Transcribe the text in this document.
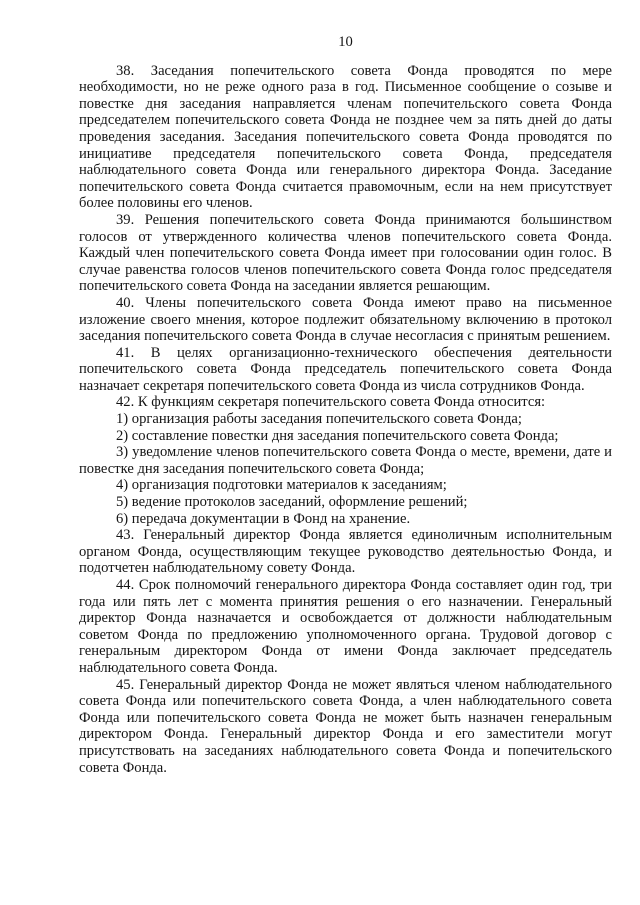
10

38. Заседания попечительского совета Фонда проводятся по мере необходимости, но не реже одного раза в год. Письменное сообщение о созыве и повестке дня заседания направляется членам попечительского совета Фонда председателем попечительского совета Фонда не позднее чем за пять дней до даты проведения заседания. Заседания попечительского совета Фонда проводятся по инициативе председателя попечительского совета Фонда, председателя наблюдательного совета Фонда или генерального директора Фонда. Заседание попечительского совета Фонда считается правомочным, если на нем присутствует более половины его членов.

39. Решения попечительского совета Фонда принимаются большинством голосов от утвержденного количества членов попечительского совета Фонда. Каждый член попечительского совета Фонда имеет при голосовании один голос. В случае равенства голосов членов попечительского совета Фонда голос председателя попечительского совета Фонда на заседании является решающим.

40. Члены попечительского совета Фонда имеют право на письменное изложение своего мнения, которое подлежит обязательному включению в протокол заседания попечительского совета Фонда в случае несогласия с принятым решением.

41. В целях организационно-технического обеспечения деятельности попечительского совета Фонда председатель попечительского совета Фонда назначает секретаря попечительского совета Фонда из числа сотрудников Фонда.

42. К функциям секретаря попечительского совета Фонда относится:

1) организация работы заседания попечительского совета Фонда;

2) составление повестки дня заседания попечительского совета Фонда;

3) уведомление членов попечительского совета Фонда о месте, времени, дате и повестке дня заседания попечительского совета Фонда;

4) организация подготовки материалов к заседаниям;

5) ведение протоколов заседаний, оформление решений;

6) передача документации в Фонд на хранение.

43. Генеральный директор Фонда является единоличным исполнительным органом Фонда, осуществляющим текущее руководство деятельностью Фонда, и подотчетен наблюдательному совету Фонда.

44. Срок полномочий генерального директора Фонда составляет один год, три года или пять лет с момента принятия решения о его назначении. Генеральный директор Фонда назначается и освобождается от должности наблюдательным советом Фонда по предложению уполномоченного органа. Трудовой договор с генеральным директором Фонда от имени Фонда заключает председатель наблюдательного совета Фонда.

45. Генеральный директор Фонда не может являться членом наблюдательного совета Фонда или попечительского совета Фонда, а член наблюдательного совета Фонда или попечительского совета Фонда не может быть назначен генеральным директором Фонда. Генеральный директор Фонда и его заместители могут присутствовать на заседаниях наблюдательного совета Фонда и попечительского совета Фонда.
